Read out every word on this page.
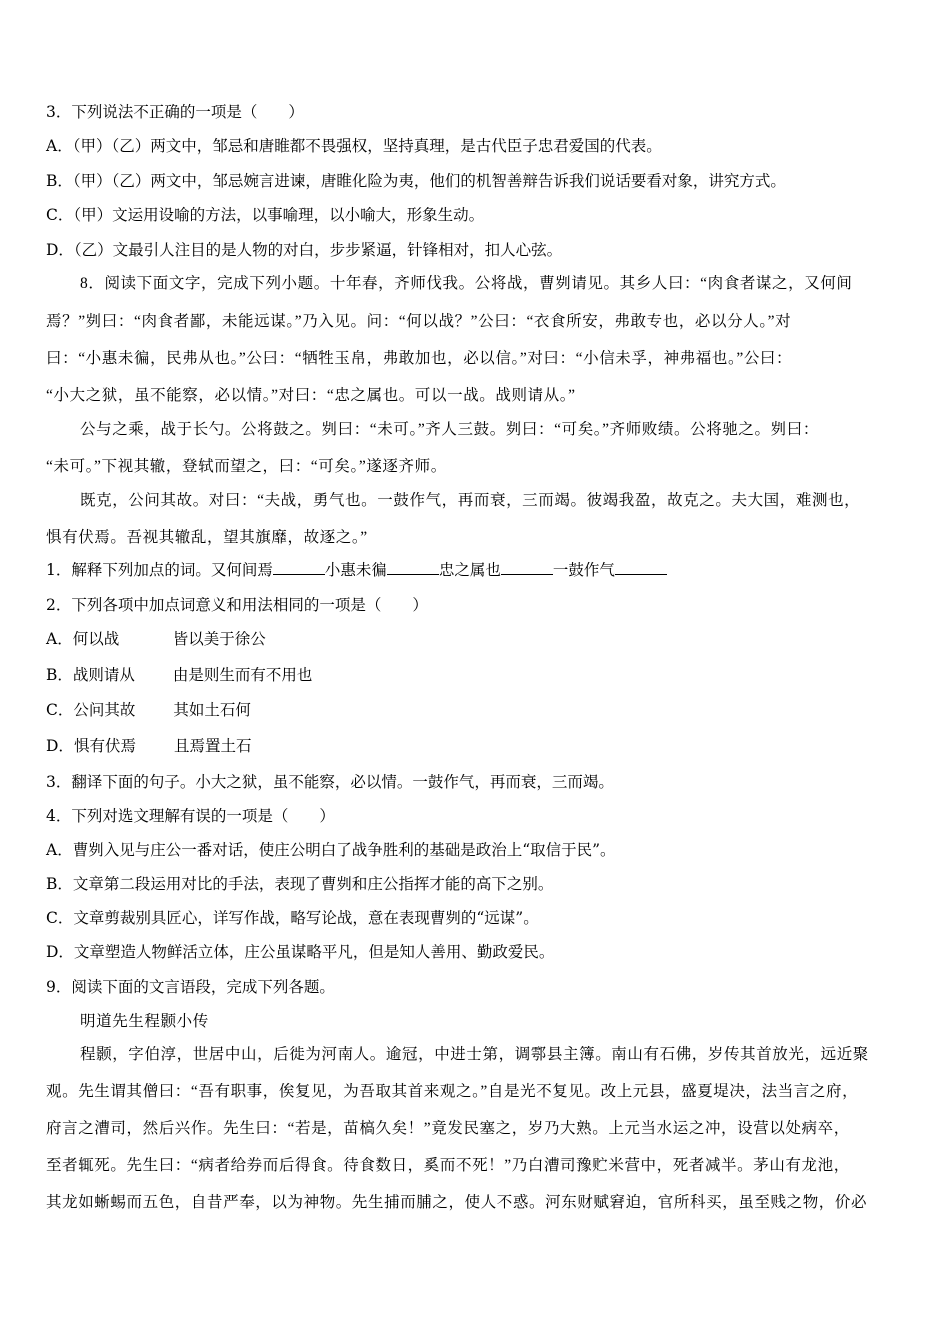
3．下列说法不正确的一项是（　　）
A．（甲）（乙）两文中，邹忌和唐睢都不畏强权，坚持真理，是古代臣子忠君爱国的代表。
B．（甲）（乙）两文中，邹忌婉言进谏，唐睢化险为夷，他们的机智善辩告诉我们说话要看对象，讲究方式。
C．（甲）文运用设喻的方法，以事喻理，以小喻大，形象生动。
D．（乙）文最引人注目的是人物的对白，步步紧逼，针锋相对，扣人心弦。
8．阅读下面文字，完成下列小题。十年春，齐师伐我。公将战，曹刿请见。其乡人曰：“肉食者谋之，又何间
焉？”刿曰：“肉食者鄙，未能远谋。”乃入见。问：“何以战？”公曰：“衣食所安，弗敢专也，必以分人。”对
曰：“小惠未徧，民弗从也。”公曰：“牺牲玉帛，弗敢加也，必以信。”对曰：“小信未孚，神弗福也。”公曰：
“小大之狱，虽不能察，必以情。”对曰：“忠之属也。可以一战。战则请从。”
公与之乘，战于长勺。公将鼓之。刿曰：“未可。”齐人三鼓。刿曰：“可矣。”齐师败绩。公将驰之。刿曰：
“未可。”下视其辙，登轼而望之，曰：“可矣。”遂逐齐师。
既克，公问其故。对曰：“夫战，勇气也。一鼓作气，再而衰，三而竭。彼竭我盈，故克之。夫大国，难测也，
惧有伏焉。吾视其辙乱，望其旗靡，故逐之。”
1．解释下列加点的词。又何间焉	小惠未徧	忠之属也	一鼓作气
2．下列各项中加点词意义和用法相同的一项是（　　）
A．何以战	皆以美于徐公
B．战则请从 由是则生而有不用也
C．公问其故 其如土石何
D．惧有伏焉 且焉置土石
3．翻译下面的句子。小大之狱，虽不能察，必以情。一鼓作气，再而衰，三而竭。
4．下列对选文理解有误的一项是（　　）
A．曹刿入见与庄公一番对话，使庄公明白了战争胜利的基础是政治上“取信于民”。
B．文章第二段运用对比的手法，表现了曹刿和庄公指挥才能的高下之别。
C．文章剪裁别具匠心，详写作战，略写论战，意在表现曹刿的“远谋”。
D．文章塑造人物鲜活立体，庄公虽谋略平凡，但是知人善用、勤政爱民。
9．阅读下面的文言语段，完成下列各题。
明道先生程颢小传
程颢，字伯淳，世居中山，后徙为河南人。逾冠，中进士第，调鄠县主簿。南山有石佛，岁传其首放光，远近聚
观。先生谓其僧曰：“吾有职事，俟复见，为吾取其首来观之。”自是光不复见。改上元县，盛夏堤决，法当言之府，
府言之漕司，然后兴作。先生曰：“若是，苗槁久矣！”竟发民塞之，岁乃大熟。上元当水运之冲，设营以处病卒，
至者辄死。先生曰：“病者给券而后得食。待食数日，奚而不死！”乃白漕司豫贮米营中，死者减半。茅山有龙池，
其龙如蜥蜴而五色，自昔严奉，以为神物。先生捕而脯之，使人不惑。河东财赋窘迫，官所科买，虽至贱之物，价必
